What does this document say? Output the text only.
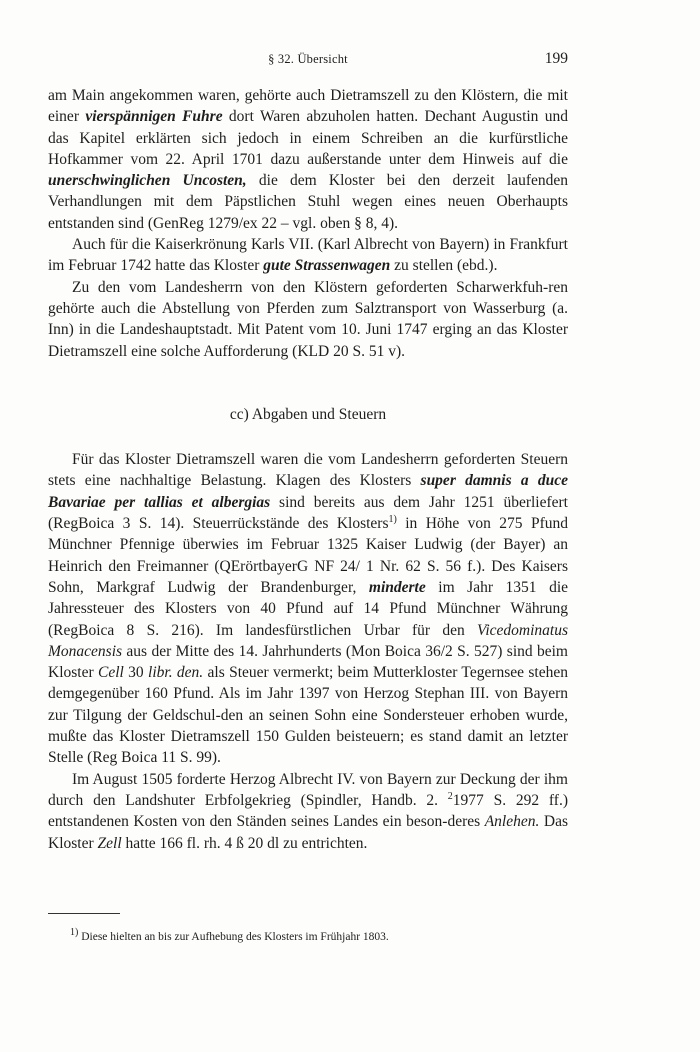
§ 32. Übersicht	199

am Main angekommen waren, gehörte auch Dietramszell zu den Klöstern, die mit einer vierspännigen Fuhre dort Waren abzuholen hatten. Dechant Augustin und das Kapitel erklärten sich jedoch in einem Schreiben an die kurfürstliche Hofkammer vom 22. April 1701 dazu außerstande unter dem Hinweis auf die unerschwinglichen Uncosten, die dem Kloster bei den derzeit laufenden Verhandlungen mit dem Päpstlichen Stuhl wegen eines neuen Oberhaupts entstanden sind (GenReg 1279/ex 22 – vgl. oben § 8, 4).

Auch für die Kaiserkrönung Karls VII. (Karl Albrecht von Bayern) in Frankfurt im Februar 1742 hatte das Kloster gute Strassenwagen zu stellen (ebd.).

Zu den vom Landesherrn von den Klöstern geforderten Scharwerkfuh-ren gehörte auch die Abstellung von Pferden zum Salztransport von Wasserburg (a. Inn) in die Landeshauptstadt. Mit Patent vom 10. Juni 1747 erging an das Kloster Dietramszell eine solche Aufforderung (KLD 20 S. 51 v).

cc) Abgaben und Steuern

Für das Kloster Dietramszell waren die vom Landesherrn geforderten Steuern stets eine nachhaltige Belastung. Klagen des Klosters super damnis a duce Bavariae per tallias et albergias sind bereits aus dem Jahr 1251 überliefert (RegBoica 3 S. 14). Steuerrückstände des Klosters$^{1)}$ in Höhe von 275 Pfund Münchner Pfennige überwies im Februar 1325 Kaiser Ludwig (der Bayer) an Heinrich den Freimanner (QErörtbayerG NF 24/ 1 Nr. 62 S. 56 f.). Des Kaisers Sohn, Markgraf Ludwig der Brandenburger, minderte im Jahr 1351 die Jahressteuer des Klosters von 40 Pfund auf 14 Pfund Münchner Währung (RegBoica 8 S. 216). Im landesfürstlichen Urbar für den Vicedominatus Monacensis aus der Mitte des 14. Jahrhunderts (Mon Boica 36/2 S. 527) sind beim Kloster Cell 30 libr. den. als Steuer vermerkt; beim Mutterkloster Tegernsee stehen demgegenüber 160 Pfund. Als im Jahr 1397 von Herzog Stephan III. von Bayern zur Tilgung der Geldschul-den an seinen Sohn eine Sondersteuer erhoben wurde, mußte das Kloster Dietramszell 150 Gulden beisteuern; es stand damit an letzter Stelle (Reg Boica 11 S. 99).

Im August 1505 forderte Herzog Albrecht IV. von Bayern zur Deckung der ihm durch den Landshuter Erbfolgekrieg (Spindler, Handb. 2. $^2$1977 S. 292 ff.) entstandenen Kosten von den Ständen seines Landes ein beson-deres Anlehen. Das Kloster Zell hatte 166 fl. rh. 4 ß 20 dl zu entrichten.

$^{1)}$ Diese hielten an bis zur Aufhebung des Klosters im Frühjahr 1803.
